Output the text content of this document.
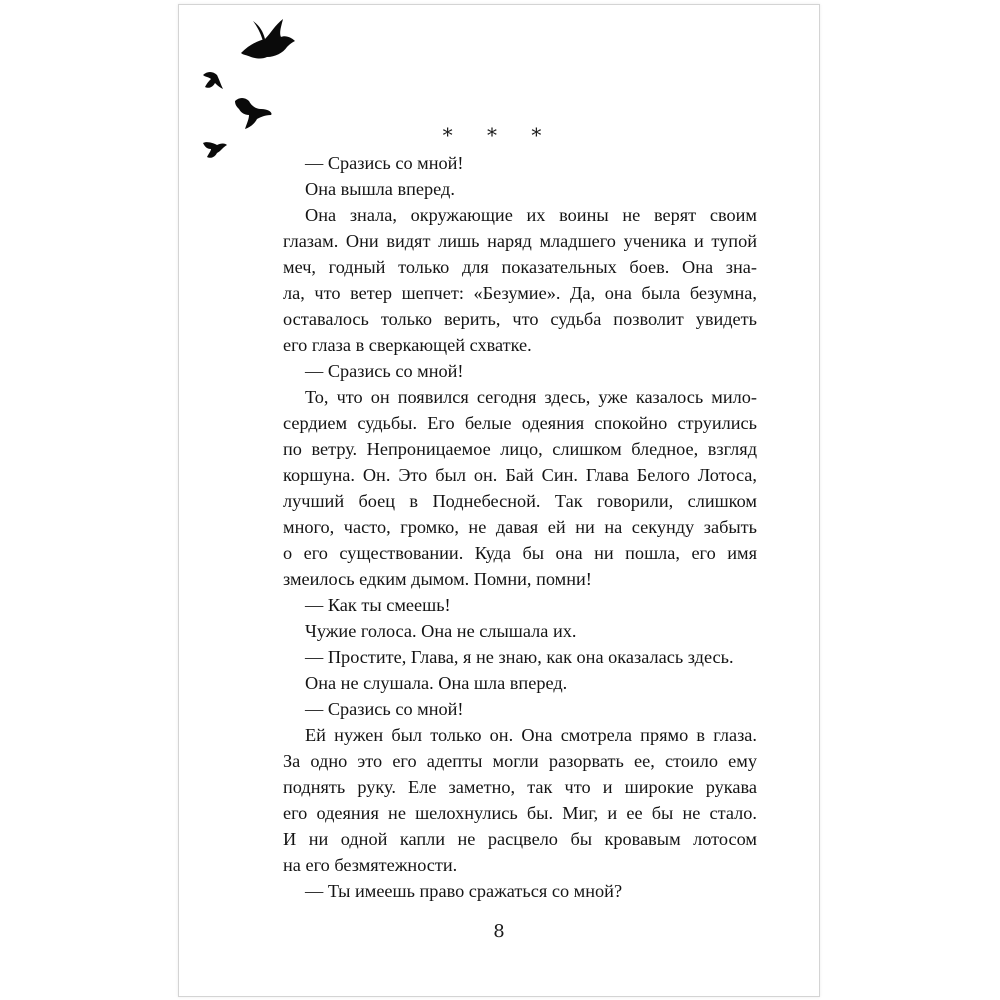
* * *

— Сразись со мной!

Она вышла вперед.

Она знала, окружающие их воины не верят своим

глазам. Они видят лишь наряд младшего ученика и тупой

меч, годный только для показательных боев. Она зна-

ла, что ветер шепчет: «Безумие». Да, она была безумна,

оставалось только верить, что судьба позволит увидеть

его глаза в сверкающей схватке.

— Сразись со мной!

То, что он появился сегодня здесь, уже казалось мило-

сердием судьбы. Его белые одеяния спокойно струились

по ветру. Непроницаемое лицо, слишком бледное, взгляд

коршуна. Он. Это был он. Бай Син. Глава Белого Лотоса,

лучший боец в Поднебесной. Так говорили, слишком

много, часто, громко, не давая ей ни на секунду забыть

о его существовании. Куда бы она ни пошла, его имя

змеилось едким дымом. Помни, помни!

— Как ты смеешь!

Чужие голоса. Она не слышала их.

— Простите, Глава, я не знаю, как она оказалась здесь.

Она не слушала. Она шла вперед.

— Сразись со мной!

Ей нужен был только он. Она смотрела прямо в глаза.

За одно это его адепты могли разорвать ее, стоило ему

поднять руку. Еле заметно, так что и широкие рукава

его одеяния не шелохнулись бы. Миг, и ее бы не стало.

И ни одной капли не расцвело бы кровавым лотосом

на его безмятежности.

— Ты имеешь право сражаться со мной?

8
